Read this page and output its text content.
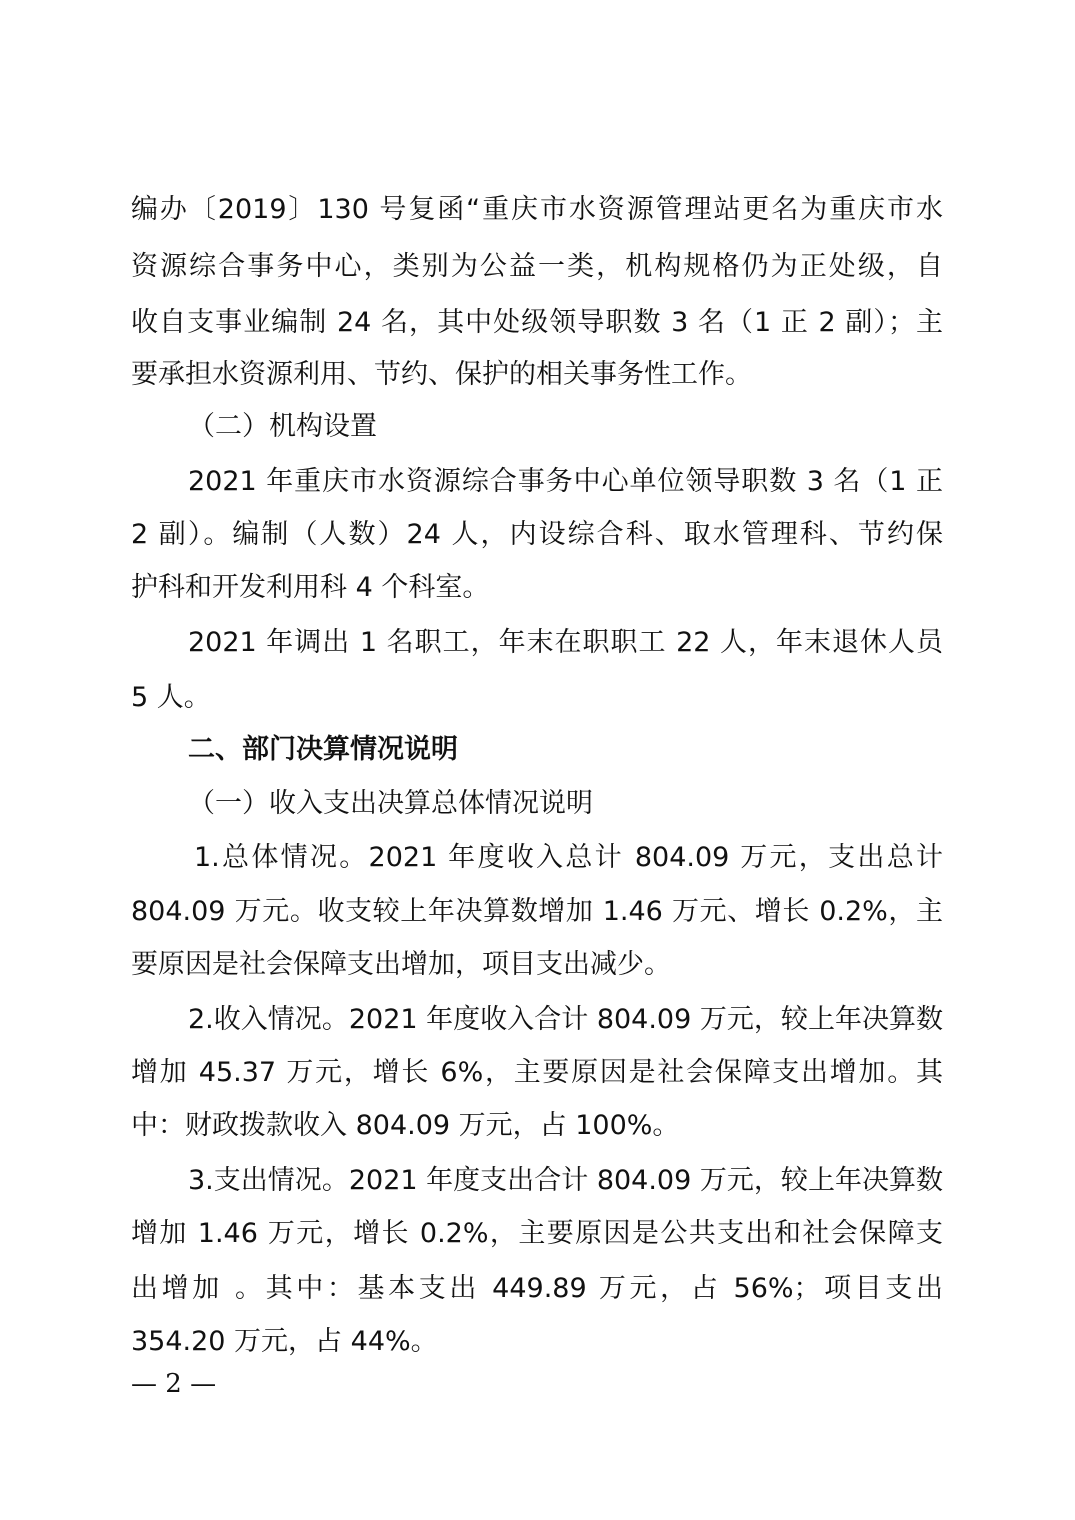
编办〔2019〕130 号复函“重庆市水资源管理站更名为重庆市水
资源综合事务中心，类别为公益一类，机构规格仍为正处级，自
收自支事业编制 24 名，其中处级领导职数 3 名（1 正 2 副）；主
要承担水资源利用、节约、保护的相关事务性工作。
（二）机构设置
2021 年重庆市水资源综合事务中心单位领导职数 3 名（1 正
2 副）。编制（人数）24 人，内设综合科、取水管理科、节约保
护科和开发利用科 4 个科室。
2021 年调出 1 名职工，年末在职职工 22 人，年末退休人员
5 人。
二、部门决算情况说明
（一）收入支出决算总体情况说明
1.总体情况。2021 年度收入总计 804.09 万元，支出总计
804.09 万元。收支较上年决算数增加 1.46 万元、增长 0.2%，主
要原因是社会保障支出增加，项目支出减少。
2.收入情况。2021 年度收入合计 804.09 万元，较上年决算数
增加 45.37 万元，增长 6%，主要原因是社会保障支出增加。其
中：财政拨款收入 804.09 万元，占 100%。
3.支出情况。2021 年度支出合计 804.09 万元，较上年决算数
增加 1.46 万元，增长 0.2%，主要原因是公共支出和社会保障支
出增加 。其中：基本支出 449.89 万元，占 56%；项目支出
354.20 万元，占 44%。
— 2 —
